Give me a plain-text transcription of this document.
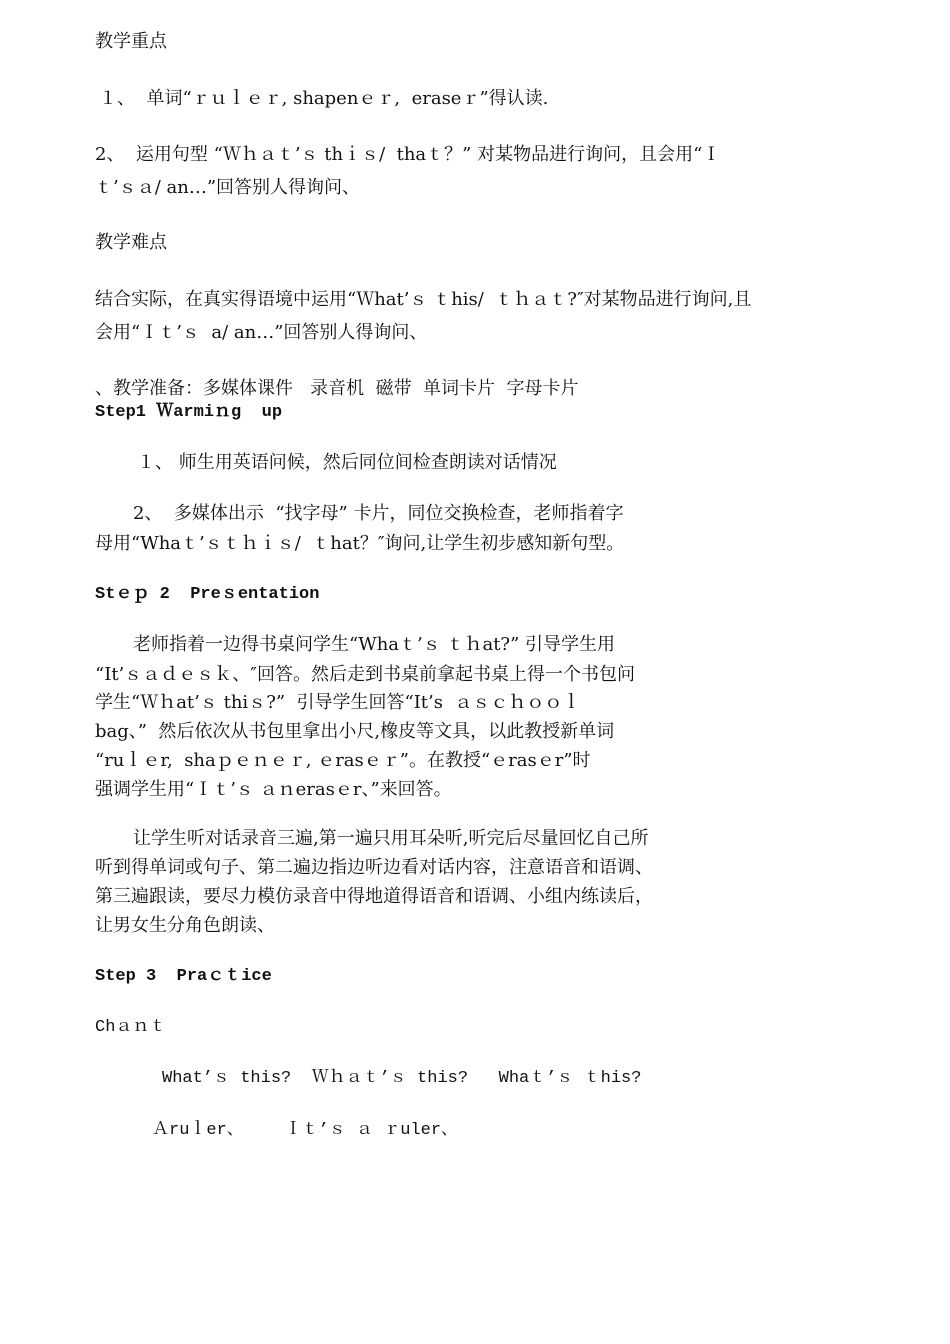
教学重点
１、  单词“ｒｕｌｅｒ, shapenｅｒ,  eraseｒ”得认读.
2、  运用句型 “Ｗｈａｔ’ｓ thｉｓ/  thaｔ？” 对某物品进行询问，且会用“Ｉ
ｔ’ｓａ/ an…”回答别人得询问、
教学难点
结合实际，在真实得语境中运用“Ｗhat’ｓ ｔhis/  ｔｈａｔ?″对某物品进行询问,且
会用“Ｉｔ’ｓ  a/ an…”回答别人得询问、
、教学准备：多媒体课件   录音机  磁带  单词卡片  字母卡片
Step1 Ｗarmiｎg  up
１、 师生用英语问候，然后同位间检查朗读对话情况
2、  多媒体出示  “找字母” 卡片，同位交换检查，老师指着字
母用“Whaｔ’ｓｔｈｉｓ/  ｔhat？″询问,让学生初步感知新句型。
Stｅｐ 2  Preｓentation
老师指着一边得书桌问学生“Whaｔ’ｓ ｔｈat?” 引导学生用
“It’ｓａｄｅｓｋ、″回答。然后走到书桌前拿起书桌上得一个书包问
学生“Ｗｈat’ｓ thiｓ?”  引导学生回答“It’s  ａｓｃｈｏｏｌ
bag、”  然后依次从书包里拿出小尺,橡皮等文具，以此教授新单词
“ruｌｅr,  shaｐｅｎｅｒ, ｅrasｅｒ”。在教授“ｅrasｅr”时
强调学生用“Ｉｔ’ｓ ａｎerasｅr、”来回答。
让学生听对话录音三遍,第一遍只用耳朵听,听完后尽量回忆自己所
听到得单词或句子、第二遍边指边听边看对话内容，注意语音和语调、
第三遍跟读，要尽力模仿录音中得地道得语音和语调、小组内练读后，
让男女生分角色朗读、
Step 3  Praｃｔice
Chａｎｔ
What’ｓ this?  Ｗｈａｔ’ｓ this?   Whaｔ’ｓ ｔhis?
Ａruｌer、    Ｉｔ’ｓ ａ ｒuler、
